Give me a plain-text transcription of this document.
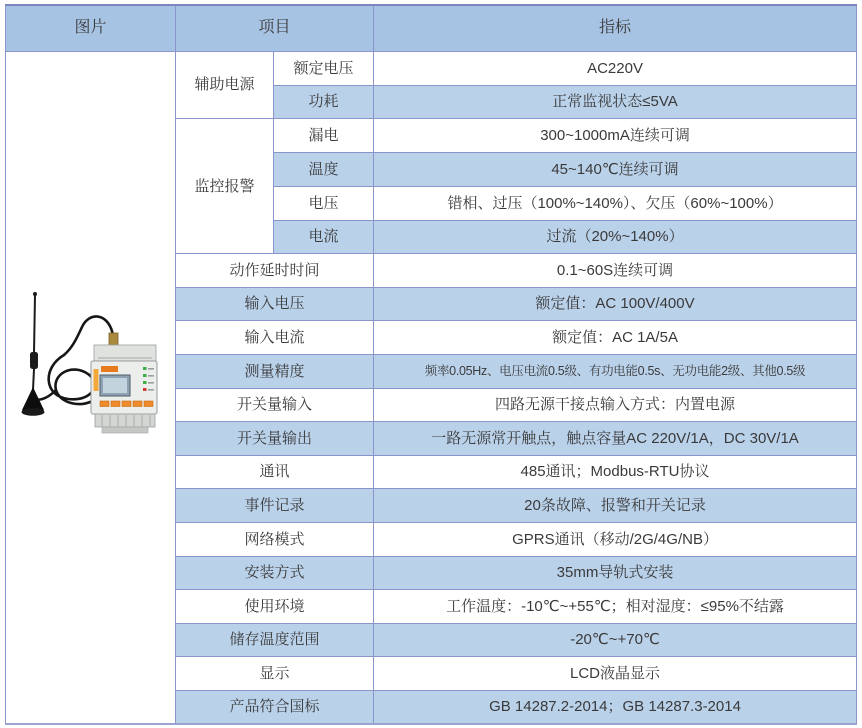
图片	项目		指标

	辅助电源	额定电压	AC220V
		功耗	正常监视状态≤5VA
	监控报警	漏电	300~1000mA连续可调
		温度	45~140℃连续可调
		电压	错相、过压（100%~140%）、欠压（60%~100%）
		电流	过流（20%~140%）
	动作延时时间		0.1~60S连续可调
	输入电压		额定值：AC 100V/400V
	输入电流		额定值：AC 1A/5A
	测量精度		频率0.05Hz、电压电流0.5级、有功电能0.5s、无功电能2级、其他0.5级
	开关量输入		四路无源干接点输入方式：内置电源
	开关量输出		一路无源常开触点，触点容量AC 220V/1A，DC 30V/1A
	通讯		485通讯；Modbus-RTU协议
	事件记录		20条故障、报警和开关记录
	网络模式		GPRS通讯（移动/2G/4G/NB）
	安装方式		35mm导轨式安装
	使用环境		工作温度：-10℃~+55℃；相对湿度：≤95%不结露
	储存温度范围		-20℃~+70℃
	显示		LCD液晶显示
	产品符合国标		GB 14287.2-2014；GB 14287.3-2014
